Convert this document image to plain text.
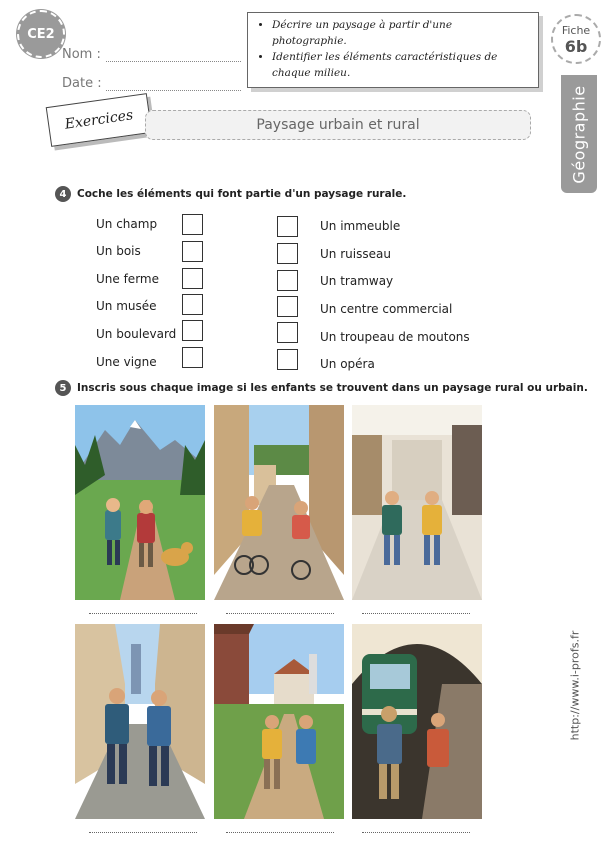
CE2
Nom :
Date :
• Décrire un paysage à partir d'une photographie.
• Identifier les éléments caractéristiques de chaque milieu.
Fiche
6b
Géographie
Exercices	Paysage urbain et rural
4	Coche les éléments qui font partie d'un paysage rurale.
Un champ
Un bois
Une ferme
Un musée
Un boulevard
Une vigne
Un immeuble
Un ruisseau
Un tramway
Un centre commercial
Un troupeau de moutons
Un opéra
5	Inscris sous chaque image si les enfants se trouvent dans un paysage rural ou urbain.
http://www.i-profs.fr
